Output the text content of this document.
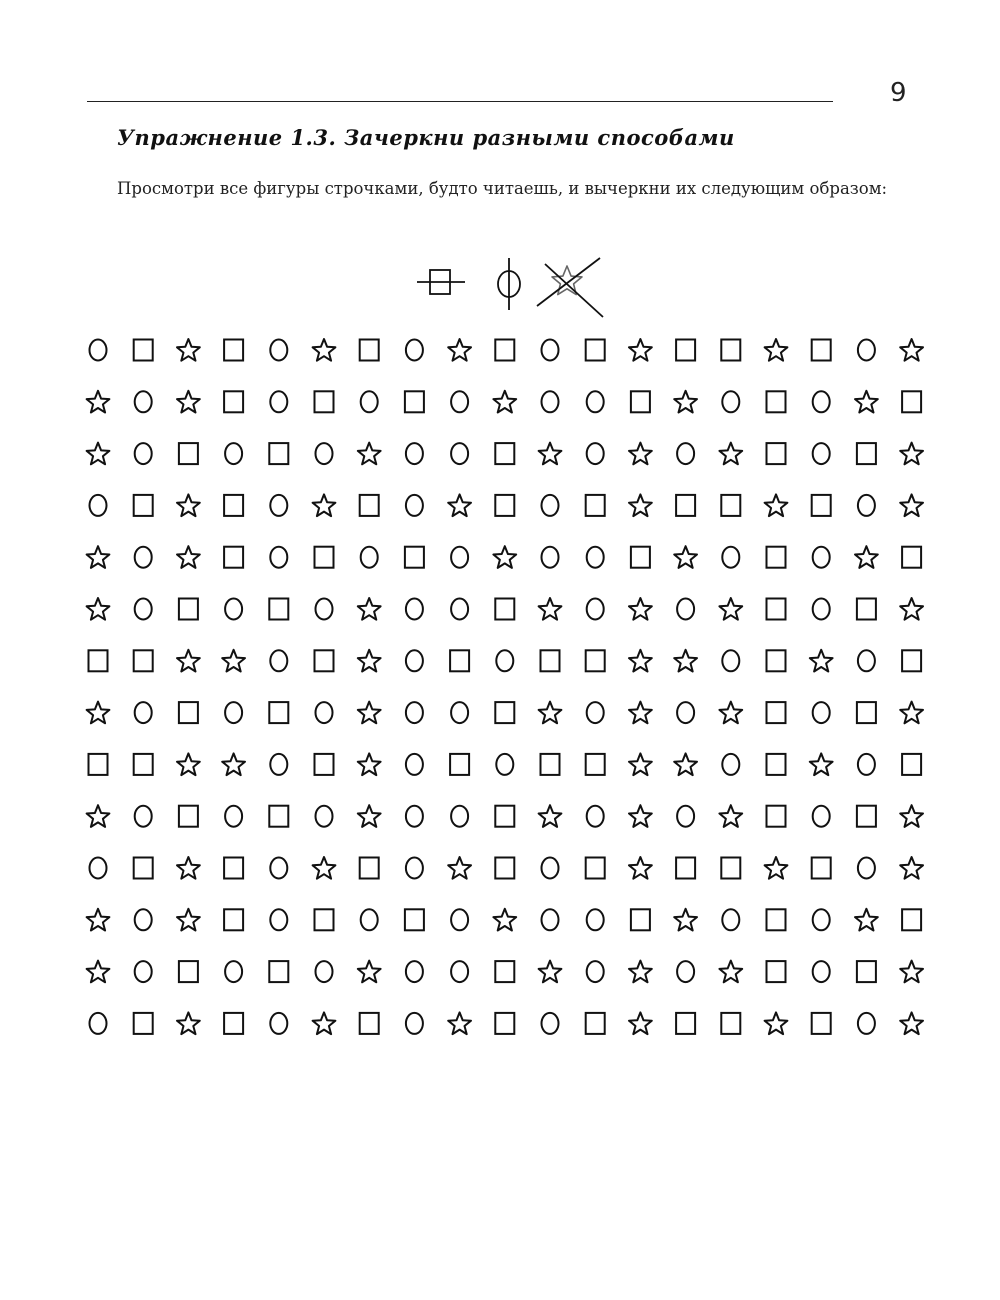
9
Упражнение 1.3. Зачеркни разными способами

Просмотри все фигуры строчками, будто читаешь, и вычеркни их следующим образом:
